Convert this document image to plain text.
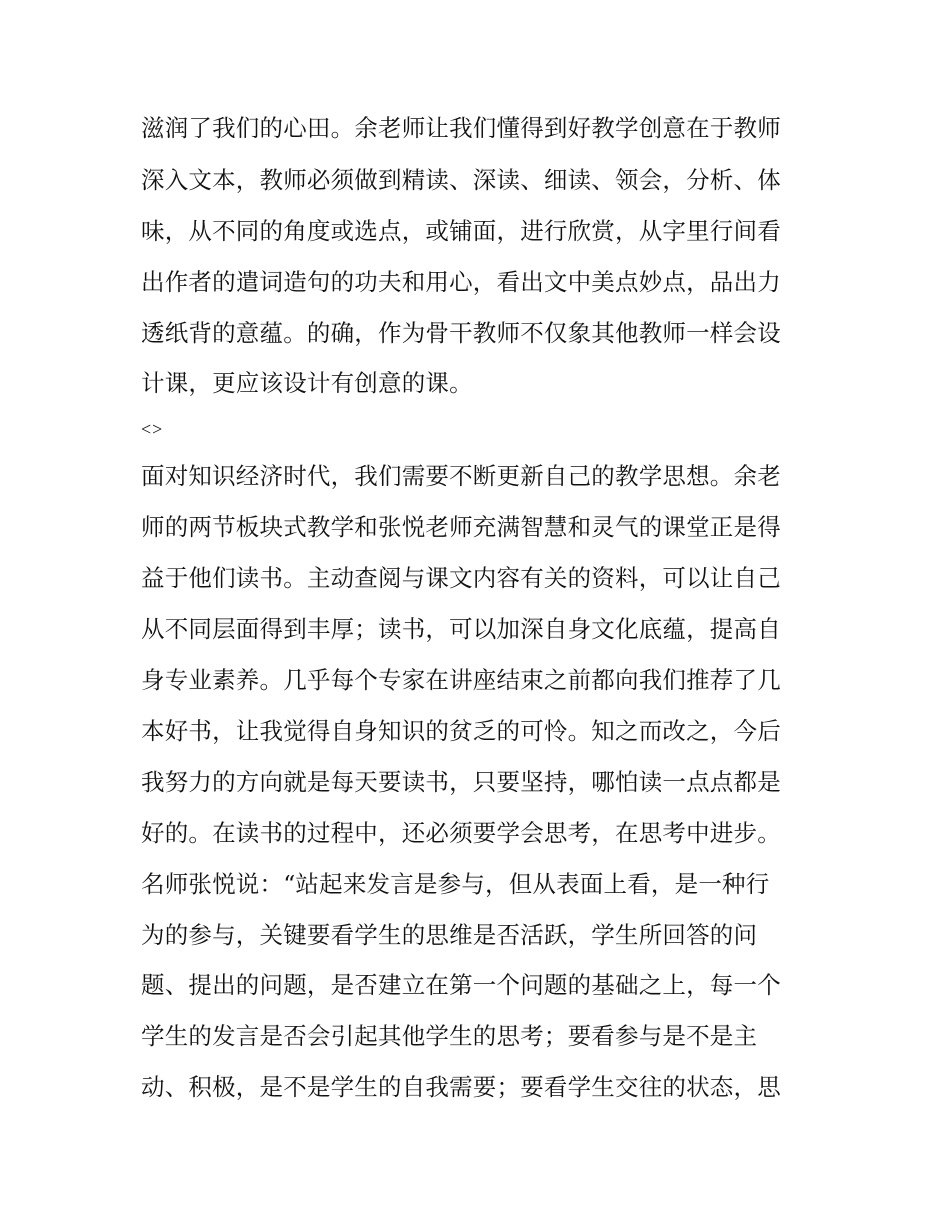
滋润了我们的心田。余老师让我们懂得到好教学创意在于教师
深入文本，教师必须做到精读、深读、细读、领会，分析、体
味，从不同的角度或选点，或铺面，进行欣赏，从字里行间看
出作者的遣词造句的功夫和用心，看出文中美点妙点，品出力
透纸背的意蕴。的确，作为骨干教师不仅象其他教师一样会设
计课，更应该设计有创意的课。
<>
面对知识经济时代，我们需要不断更新自己的教学思想。余老
师的两节板块式教学和张悦老师充满智慧和灵气的课堂正是得
益于他们读书。主动查阅与课文内容有关的资料，可以让自己
从不同层面得到丰厚；读书，可以加深自身文化底蕴，提高自
身专业素养。几乎每个专家在讲座结束之前都向我们推荐了几
本好书，让我觉得自身知识的贫乏的可怜。知之而改之，今后
我努力的方向就是每天要读书，只要坚持，哪怕读一点点都是
好的。在读书的过程中，还必须要学会思考，在思考中进步。
名师张悦说：“站起来发言是参与，但从表面上看，是一种行
为的参与，关键要看学生的思维是否活跃，学生所回答的问
题、提出的问题，是否建立在第一个问题的基础之上，每一个
学生的发言是否会引起其他学生的思考；要看参与是不是主
动、积极，是不是学生的自我需要；要看学生交往的状态，思
